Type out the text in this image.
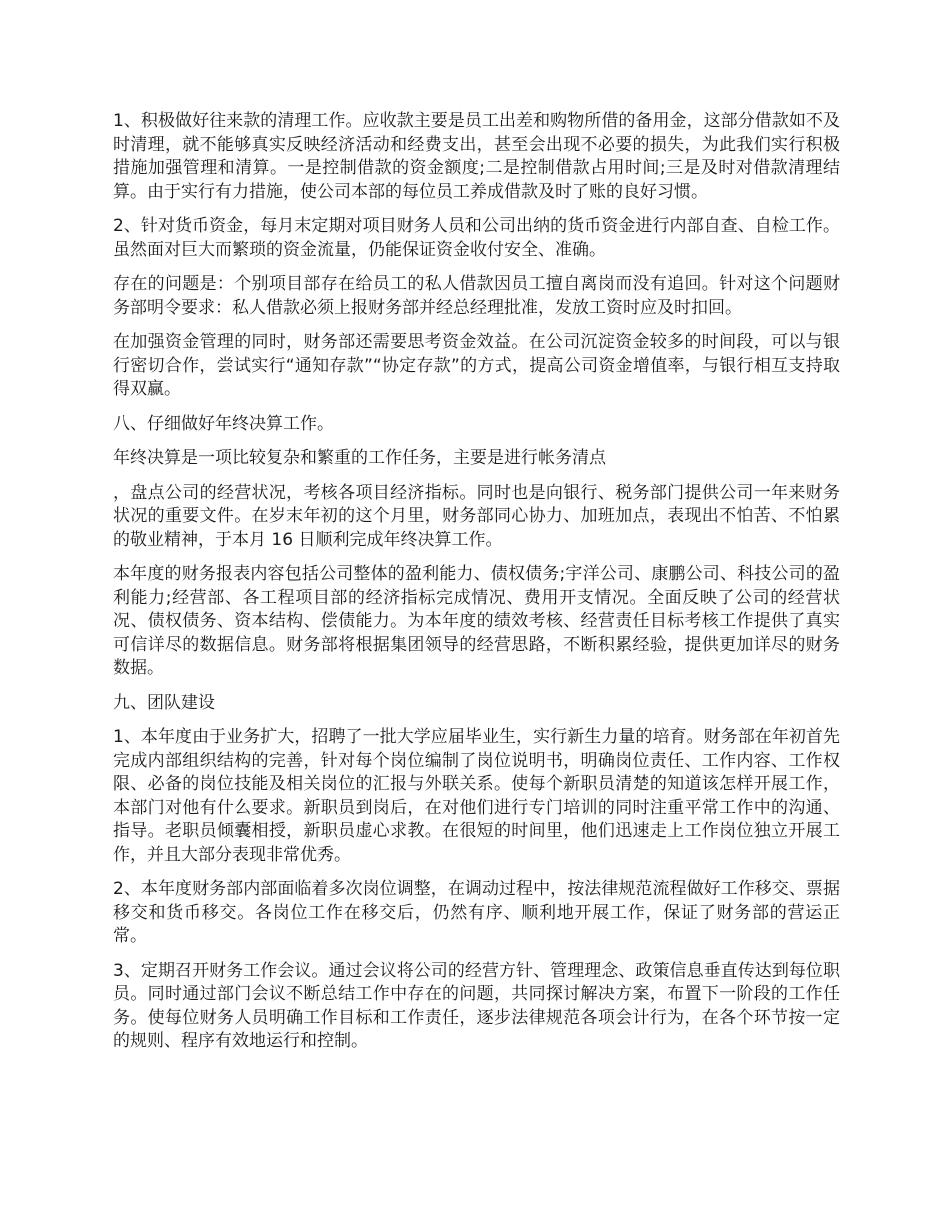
1、积极做好往来款的清理工作。应收款主要是员工出差和购物所借的备用金，这部分借款如不及时清理，就不能够真实反映经济活动和经费支出，甚至会出现不必要的损失，为此我们实行积极措施加强管理和清算。一是控制借款的资金额度;二是控制借款占用时间;三是及时对借款清理结算。由于实行有力措施，使公司本部的每位员工养成借款及时了账的良好习惯。

2、针对货币资金，每月末定期对项目财务人员和公司出纳的货币资金进行内部自查、自检工作。虽然面对巨大而繁琐的资金流量，仍能保证资金收付安全、准确。

存在的问题是：个别项目部存在给员工的私人借款因员工擅自离岗而没有追回。针对这个问题财务部明令要求：私人借款必须上报财务部并经总经理批准，发放工资时应及时扣回。

在加强资金管理的同时，财务部还需要思考资金效益。在公司沉淀资金较多的时间段，可以与银行密切合作，尝试实行“通知存款”“协定存款”的方式，提高公司资金增值率，与银行相互支持取得双赢。

八、仔细做好年终决算工作。

年终决算是一项比较复杂和繁重的工作任务，主要是进行帐务清点

，盘点公司的经营状况，考核各项目经济指标。同时也是向银行、税务部门提供公司一年来财务状况的重要文件。在岁末年初的这个月里，财务部同心协力、加班加点，表现出不怕苦、不怕累的敬业精神，于本月 16 日顺利完成年终决算工作。

本年度的财务报表内容包括公司整体的盈利能力、债权债务;宇洋公司、康鹏公司、科技公司的盈利能力;经营部、各工程项目部的经济指标完成情况、费用开支情况。全面反映了公司的经营状况、债权债务、资本结构、偿债能力。为本年度的绩效考核、经营责任目标考核工作提供了真实可信详尽的数据信息。财务部将根据集团领导的经营思路，不断积累经验，提供更加详尽的财务数据。

九、团队建设

1、本年度由于业务扩大，招聘了一批大学应届毕业生，实行新生力量的培育。财务部在年初首先完成内部组织结构的完善，针对每个岗位编制了岗位说明书，明确岗位责任、工作内容、工作权限、必备的岗位技能及相关岗位的汇报与外联关系。使每个新职员清楚的知道该怎样开展工作，本部门对他有什么要求。新职员到岗后，在对他们进行专门培训的同时注重平常工作中的沟通、指导。老职员倾囊相授，新职员虚心求教。在很短的时间里，他们迅速走上工作岗位独立开展工作，并且大部分表现非常优秀。

2、本年度财务部内部面临着多次岗位调整，在调动过程中，按法律规范流程做好工作移交、票据移交和货币移交。各岗位工作在移交后，仍然有序、顺利地开展工作，保证了财务部的营运正常。

3、定期召开财务工作会议。通过会议将公司的经营方针、管理理念、政策信息垂直传达到每位职员。同时通过部门会议不断总结工作中存在的问题，共同探讨解决方案，布置下一阶段的工作任务。使每位财务人员明确工作目标和工作责任，逐步法律规范各项会计行为，在各个环节按一定的规则、程序有效地运行和控制。
